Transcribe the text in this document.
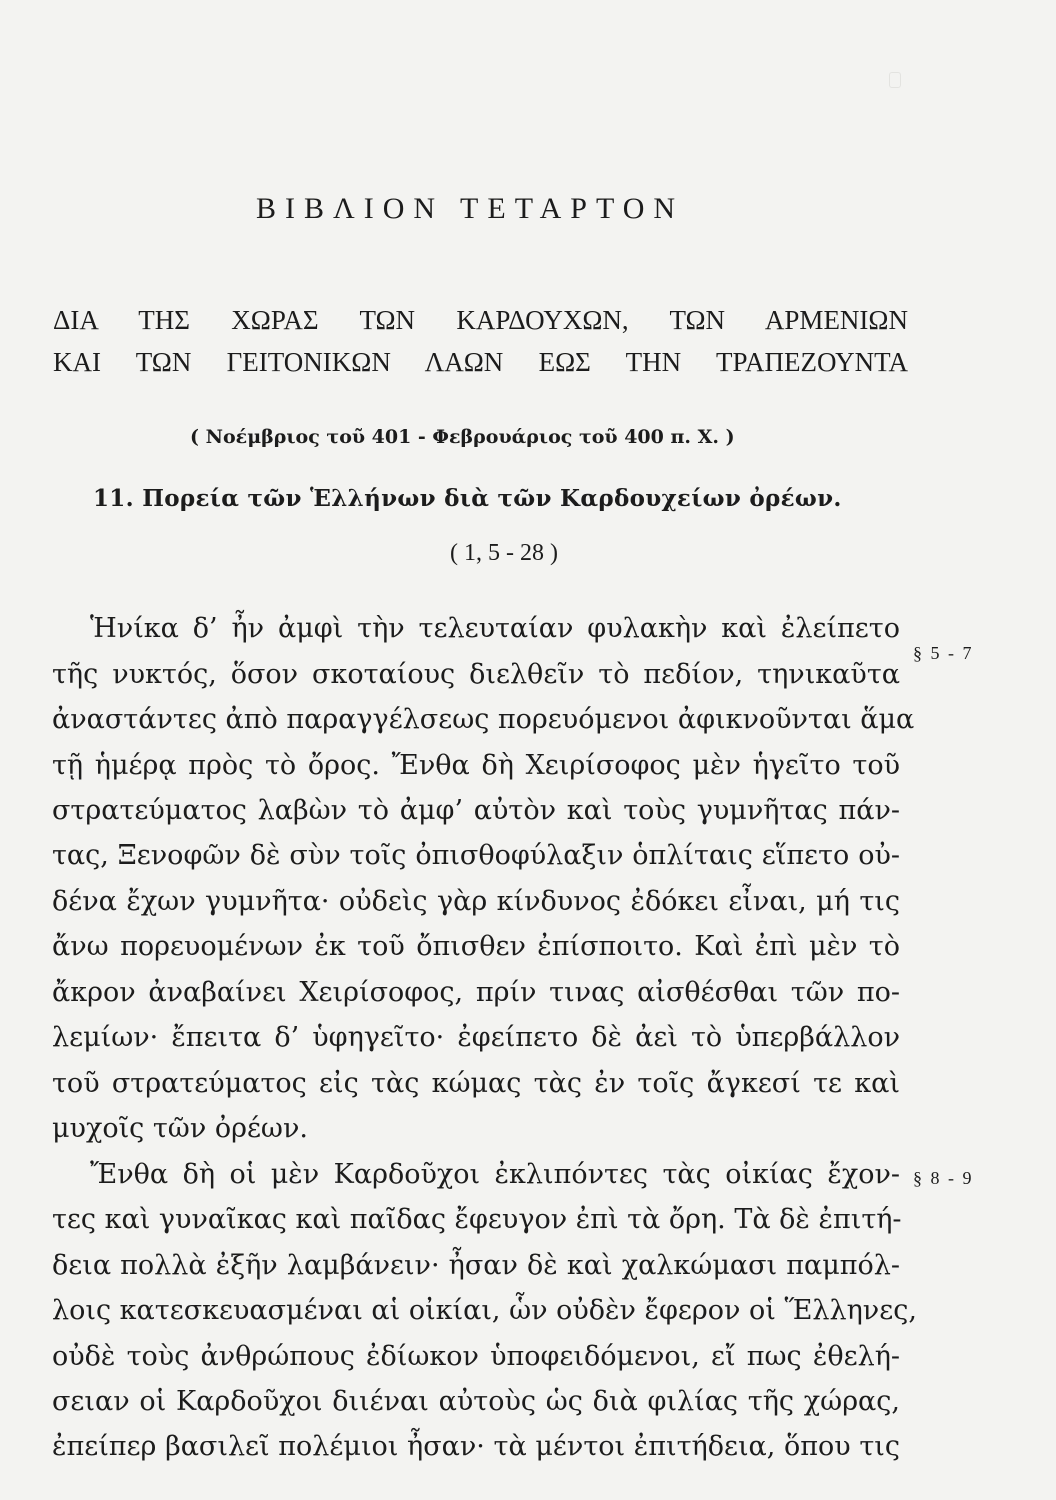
ΒΙΒΛΙΟΝ ΤΕΤΑΡΤΟΝ
ΔΙΑ ΤΗΣ ΧΩΡΑΣ ΤΩΝ ΚΑΡΔΟΥΧΩΝ, ΤΩΝ ΑΡΜΕΝΙΩΝ
ΚΑΙ ΤΩΝ ΓΕΙΤΟΝΙΚΩΝ ΛΑΩΝ ΕΩΣ ΤΗΝ ΤΡΑΠΕΖΟΥΝΤΑ
( Νοέμβριος τοῦ 401 - Φεβρουάριος τοῦ 400 π. Χ. )
11. Πορεία τῶν Ἑλλήνων διὰ τῶν Καρδουχείων ὀρέων.
( 1, 5 - 28 )
Ἡνίκα δ’ ἦν ἀμφὶ τὴν τελευταίαν φυλακὴν καὶ ἐλείπετο
τῆς νυκτός, ὅσον σκοταίους διελθεῖν τὸ πεδίον, τηνικαῦτα
ἀναστάντες ἀπὸ παραγγέλσεως πορευόμενοι ἀφικνοῦνται ἅμα
τῇ ἡμέρᾳ πρὸς τὸ ὄρος. Ἔνθα δὴ Χειρίσοφος μὲν ἡγεῖτο τοῦ
στρατεύματος λαβὼν τὸ ἀμφ’ αὐτὸν καὶ τοὺς γυμνῆτας πάν-
τας, Ξενοφῶν δὲ σὺν τοῖς ὀπισθοφύλαξιν ὁπλίταις εἵπετο οὐ-
δένα ἔχων γυμνῆτα· οὐδεὶς γὰρ κίνδυνος ἐδόκει εἶναι, μή τις
ἄνω πορευομένων ἐκ τοῦ ὄπισθεν ἐπίσποιτο. Καὶ ἐπὶ μὲν τὸ
ἄκρον ἀναβαίνει Χειρίσοφος, πρίν τινας αἰσθέσθαι τῶν πο-
λεμίων· ἔπειτα δ’ ὑφηγεῖτο· ἐφείπετο δὲ ἀεὶ τὸ ὑπερβάλλον
τοῦ στρατεύματος εἰς τὰς κώμας τὰς ἐν τοῖς ἄγκεσί τε καὶ
μυχοῖς τῶν ὀρέων.
Ἔνθα δὴ οἱ μὲν Καρδοῦχοι ἐκλιπόντες τὰς οἰκίας ἔχον-
τες καὶ γυναῖκας καὶ παῖδας ἔφευγον ἐπὶ τὰ ὄρη. Τὰ δὲ ἐπιτή-
δεια πολλὰ ἐξῆν λαμβάνειν· ἦσαν δὲ καὶ χαλκώμασι παμπόλ-
λοις κατεσκευασμέναι αἱ οἰκίαι, ὧν οὐδὲν ἔφερον οἱ Ἕλληνες,
οὐδὲ τοὺς ἀνθρώπους ἐδίωκον ὑποφειδόμενοι, εἴ πως ἐθελή-
σειαν οἱ Καρδοῦχοι διιέναι αὐτοὺς ὡς διὰ φιλίας τῆς χώρας,
ἐπείπερ βασιλεῖ πολέμιοι ἦσαν· τὰ μέντοι ἐπιτήδεια, ὅπου τις
§ 5 - 7
§ 8 - 9
